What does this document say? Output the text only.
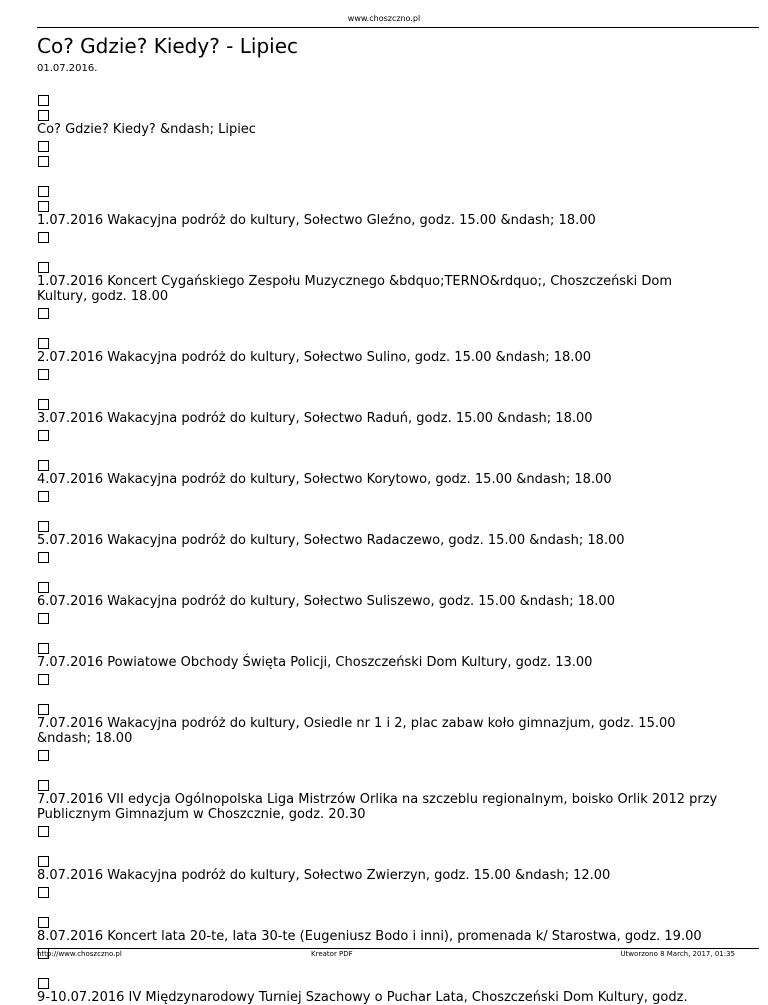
www.choszczno.pl
Co? Gdzie? Kiedy? - Lipiec
01.07.2016.
Co? Gdzie? Kiedy? &ndash; Lipiec
1.07.2016 Wakacyjna podróż do kultury, Sołectwo Gleźno, godz. 15.00 &ndash; 18.00
1.07.2016 Koncert Cygańskiego Zespołu Muzycznego &bdquo;TERNO&rdquo;, Choszczeński Dom
Kultury, godz. 18.00
2.07.2016 Wakacyjna podróż do kultury, Sołectwo Sulino, godz. 15.00 &ndash; 18.00
3.07.2016 Wakacyjna podróż do kultury, Sołectwo Raduń, godz. 15.00 &ndash; 18.00
4.07.2016 Wakacyjna podróż do kultury, Sołectwo Korytowo, godz. 15.00 &ndash; 18.00
5.07.2016 Wakacyjna podróż do kultury, Sołectwo Radaczewo, godz. 15.00 &ndash; 18.00
6.07.2016 Wakacyjna podróż do kultury, Sołectwo Suliszewo, godz. 15.00 &ndash; 18.00
7.07.2016 Powiatowe Obchody Święta Policji, Choszczeński Dom Kultury, godz. 13.00
7.07.2016 Wakacyjna podróż do kultury, Osiedle nr 1 i 2, plac zabaw koło gimnazjum, godz. 15.00
&ndash; 18.00
7.07.2016 VII edycja Ogólnopolska Liga Mistrzów Orlika na szczeblu regionalnym, boisko Orlik 2012 przy
Publicznym Gimnazjum w Choszcznie, godz. 20.30
8.07.2016 Wakacyjna podróż do kultury, Sołectwo Zwierzyn, godz. 15.00 &ndash; 12.00
8.07.2016 Koncert lata 20-te, lata 30-te (Eugeniusz Bodo i inni), promenada k/ Starostwa, godz. 19.00
9-10.07.2016 IV Międzynarodowy Turniej Szachowy o Puchar Lata, Choszczeński Dom Kultury, godz.
http://www.choszczno.pl	Kreator PDF	Utworzono 8 March, 2017, 01:35
